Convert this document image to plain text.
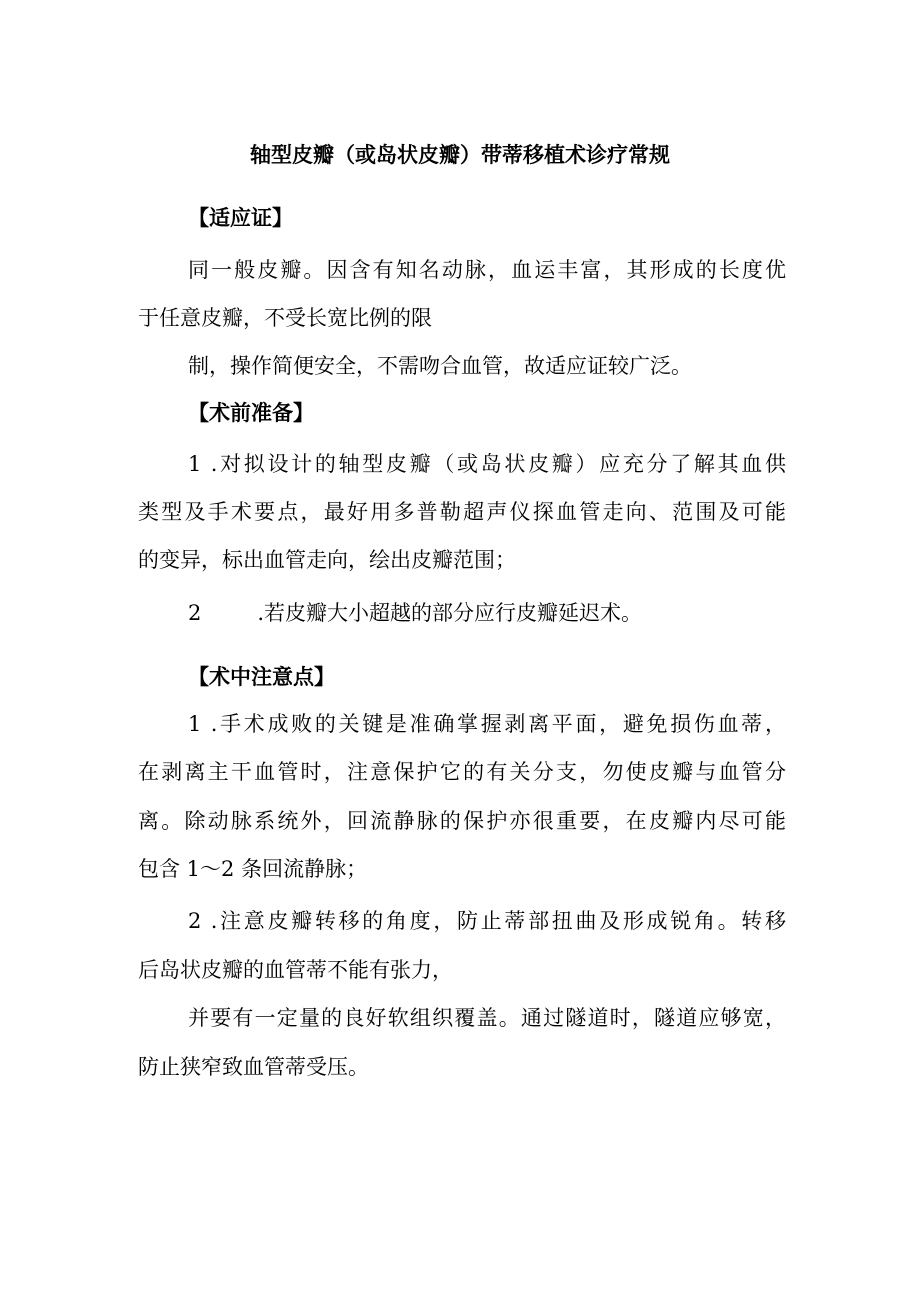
轴型皮瓣（或岛状皮瓣）带蒂移植术诊疗常规
【适应证】
同一般皮瓣。因含有知名动脉，血运丰富，其形成的长度优
于任意皮瓣，不受长宽比例的限
制，操作简便安全，不需吻合血管，故适应证较广泛。
【术前准备】
1 .对拟设计的轴型皮瓣（或岛状皮瓣）应充分了解其血供
类型及手术要点，最好用多普勒超声仪探血管走向、范围及可能
的变异，标出血管走向，绘出皮瓣范围；
2	.若皮瓣大小超越的部分应行皮瓣延迟术。
【术中注意点】
1 .手术成败的关键是准确掌握剥离平面，避免损伤血蒂，
在剥离主干血管时，注意保护它的有关分支，勿使皮瓣与血管分
离。除动脉系统外，回流静脉的保护亦很重要，在皮瓣内尽可能
包含 1～2 条回流静脉；
2 .注意皮瓣转移的角度，防止蒂部扭曲及形成锐角。转移
后岛状皮瓣的血管蒂不能有张力，
并要有一定量的良好软组织覆盖。通过隧道时，隧道应够宽，
防止狭窄致血管蒂受压。
